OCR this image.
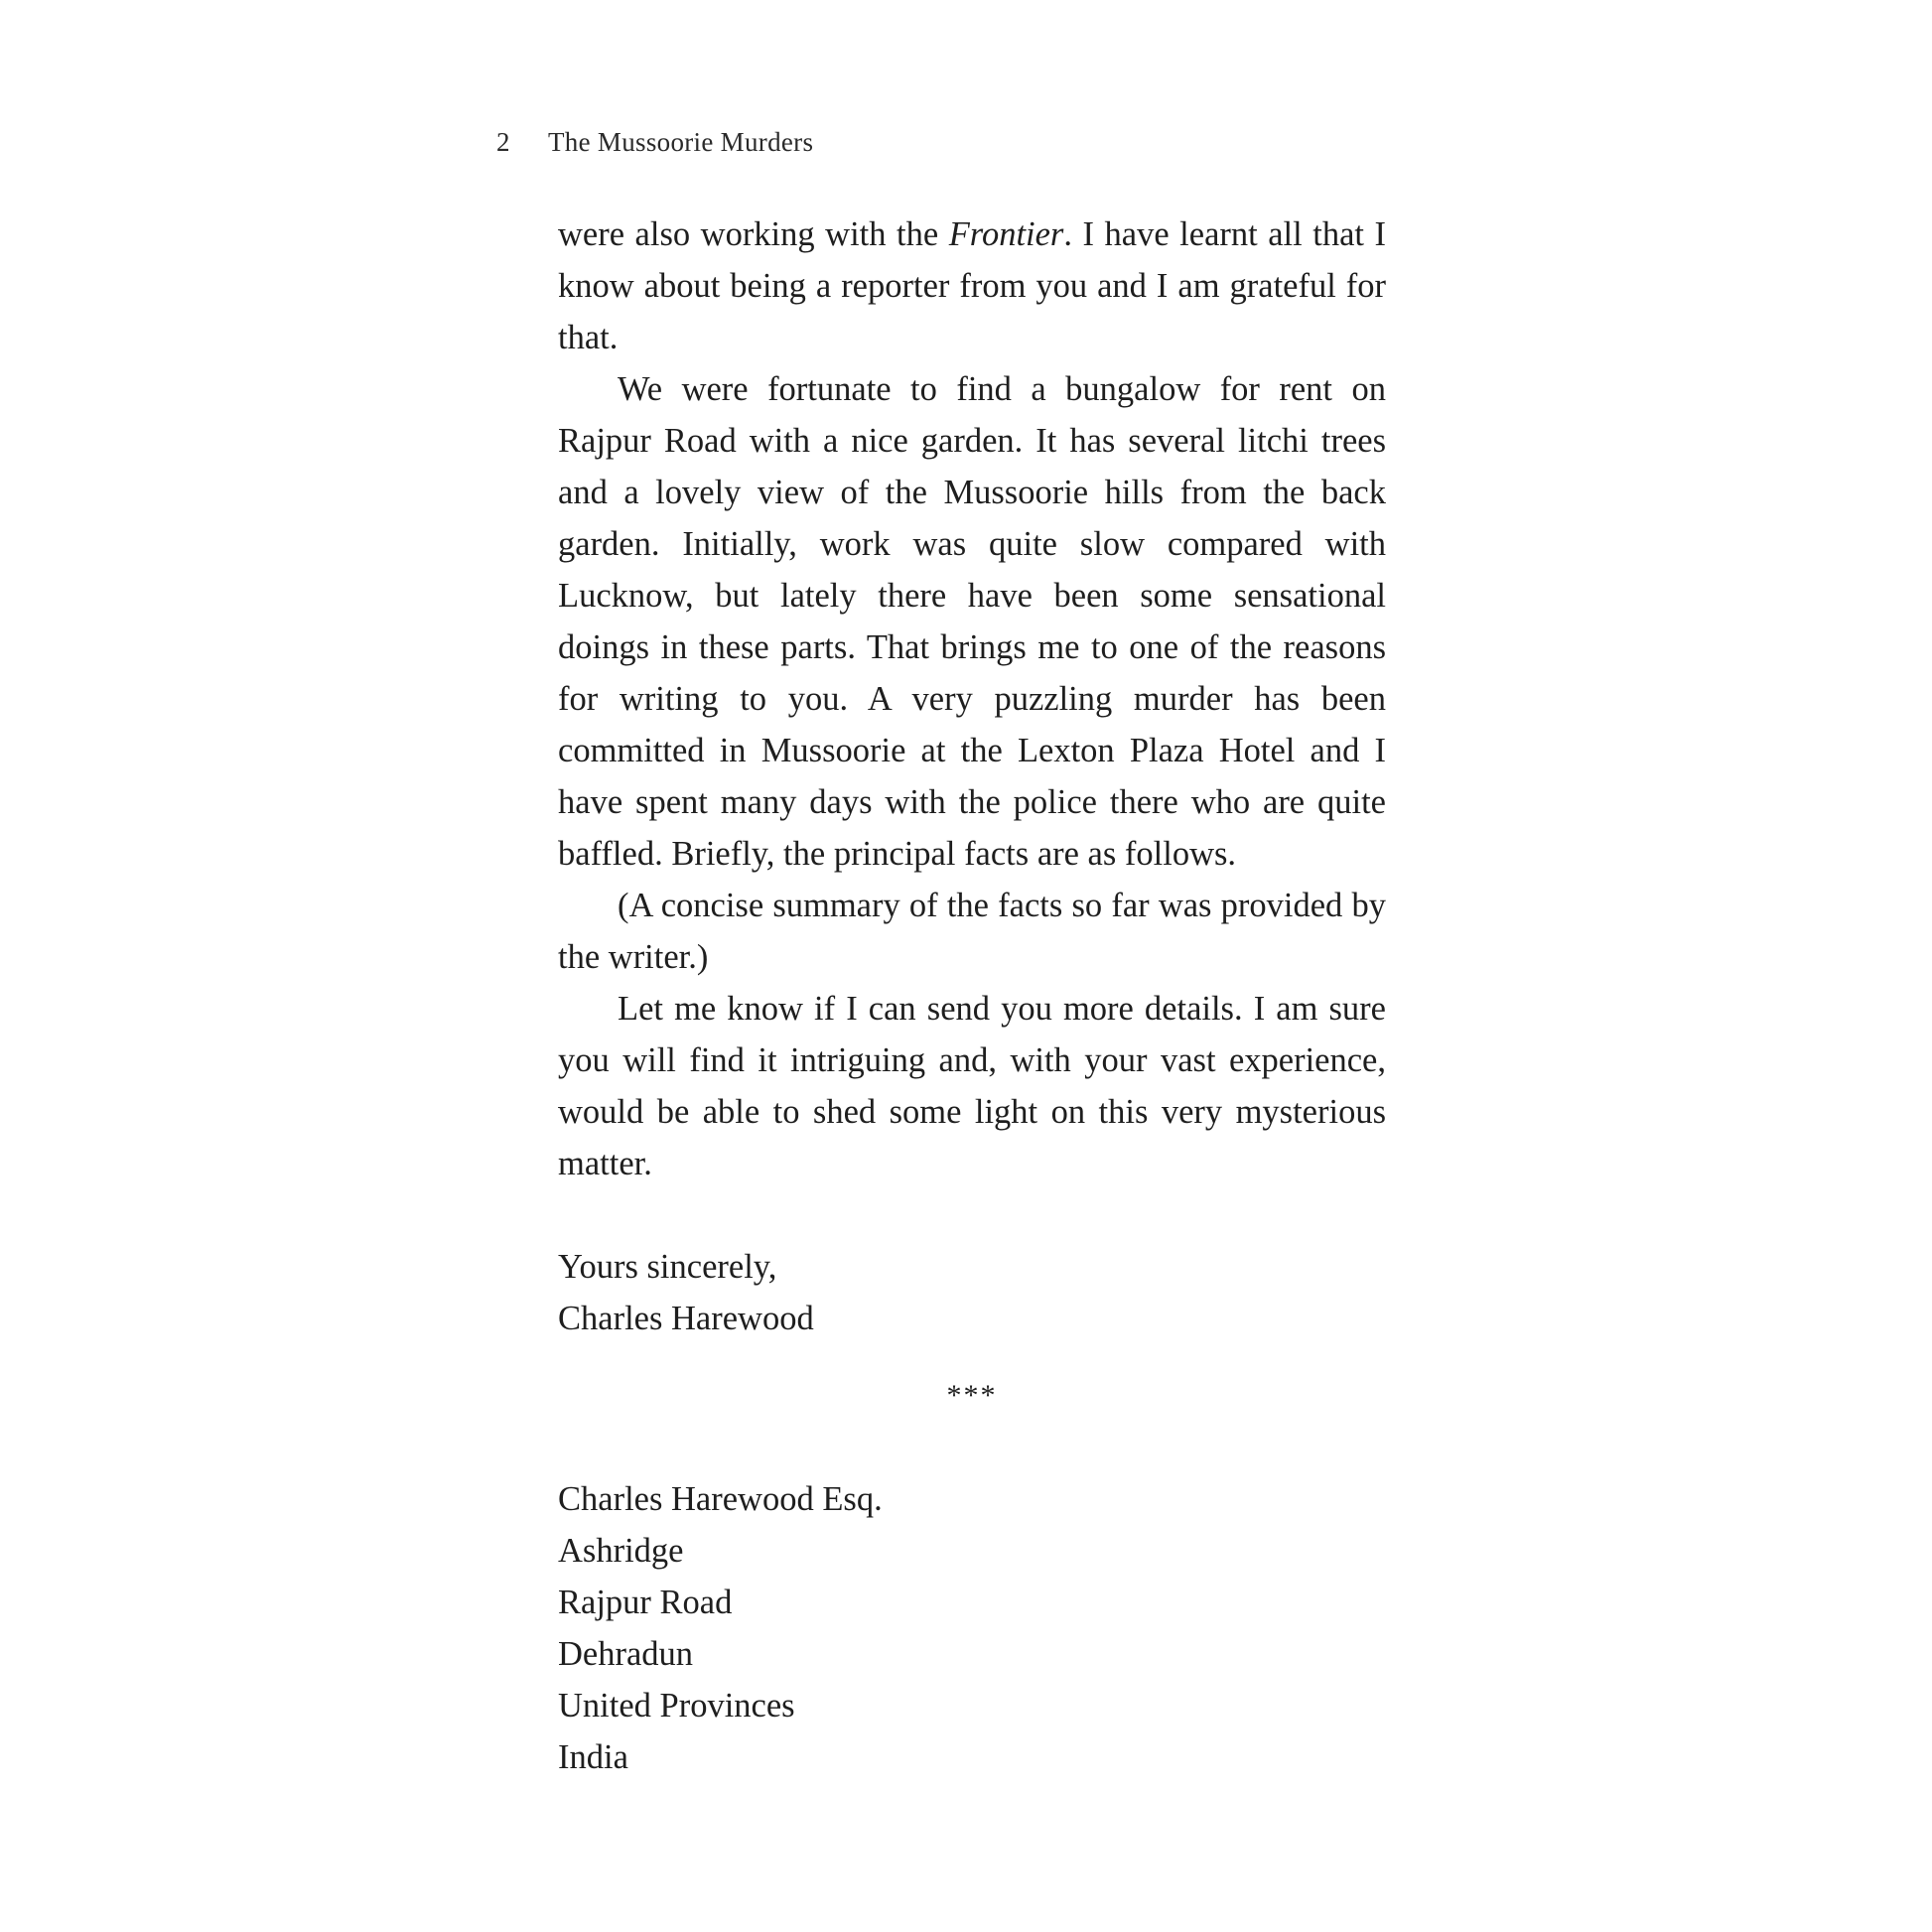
2 The Mussoorie Murders

were also working with the Frontier. I have learnt all that I know about being a reporter from you and I am grateful for that.

We were fortunate to find a bungalow for rent on Rajpur Road with a nice garden. It has several litchi trees and a lovely view of the Mussoorie hills from the back garden. Initially, work was quite slow compared with Lucknow, but lately there have been some sensational doings in these parts. That brings me to one of the reasons for writing to you. A very puzzling murder has been committed in Mussoorie at the Lexton Plaza Hotel and I have spent many days with the police there who are quite baffled. Briefly, the principal facts are as follows.

(A concise summary of the facts so far was provided by the writer.)

Let me know if I can send you more details. I am sure you will find it intriguing and, with your vast experience, would be able to shed some light on this very mysterious matter.

Yours sincerely,
Charles Harewood

***

Charles Harewood Esq.
Ashridge
Rajpur Road
Dehradun
United Provinces
India
